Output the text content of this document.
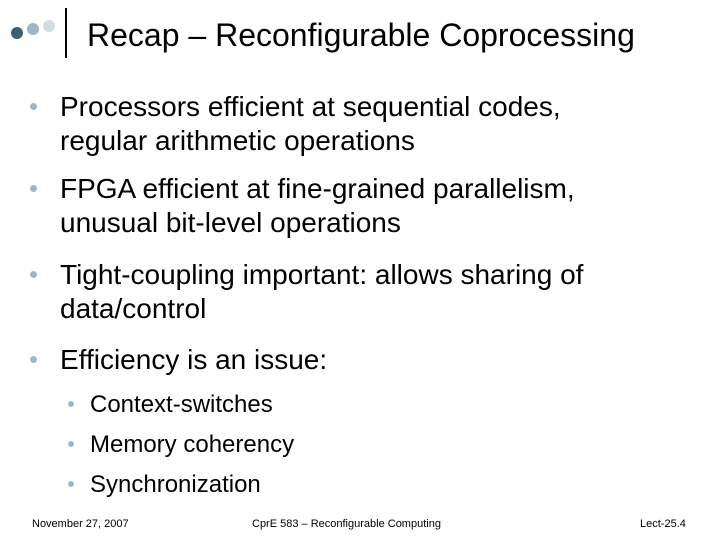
Recap – Reconfigurable Coprocessing
Processors efficient at sequential codes,
regular arithmetic operations
FPGA efficient at fine-grained parallelism,
unusual bit-level operations
Tight-coupling important: allows sharing of
data/control
Efficiency is an issue:
Context-switches
Memory coherency
Synchronization
November 27, 2007	CprE 583 – Reconfigurable Computing	Lect-25.4
